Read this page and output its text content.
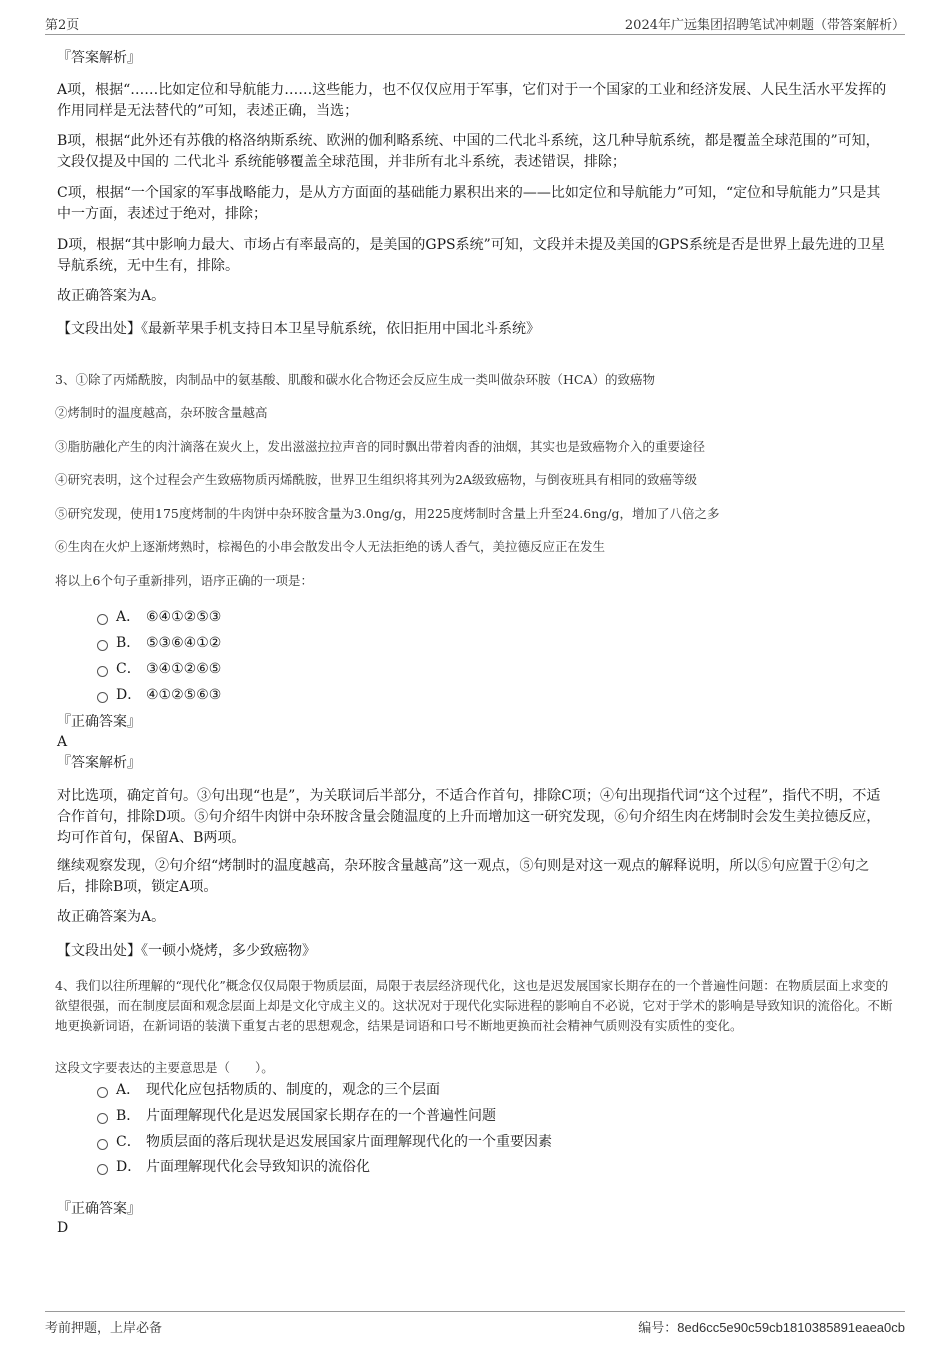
第2页	2024年广远集团招聘笔试冲刺题（带答案解析）
『答案解析』

A项，根据“……比如定位和导航能力……这些能力，也不仅仅应用于军事，它们对于一个国家的工业和经济发展、人民生活水平发挥的作用同样是无法替代的”可知，表述正确，当选；

B项，根据“此外还有苏俄的格洛纳斯系统、欧洲的伽利略系统、中国的二代北斗系统，这几种导航系统，都是覆盖全球范围的”可知，文段仅提及中国的 二代北斗 系统能够覆盖全球范围，并非所有北斗系统，表述错误，排除；

C项，根据“一个国家的军事战略能力，是从方方面面的基础能力累积出来的——比如定位和导航能力”可知，“定位和导航能力”只是其中一方面，表述过于绝对，排除；

D项，根据“其中影响力最大、市场占有率最高的，是美国的GPS系统”可知，文段并未提及美国的GPS系统是否是世界上最先进的卫星导航系统，无中生有，排除。

故正确答案为A。

【文段出处】《最新苹果手机支持日本卫星导航系统，依旧拒用中国北斗系统》

3、①除了丙烯酰胺，肉制品中的氨基酸、肌酸和碳水化合物还会反应生成一类叫做杂环胺（HCA）的致癌物

②烤制时的温度越高，杂环胺含量越高

③脂肪融化产生的肉汁滴落在炭火上，发出滋滋拉拉声音的同时飘出带着肉香的油烟，其实也是致癌物介入的重要途径

④研究表明，这个过程会产生致癌物质丙烯酰胺，世界卫生组织将其列为2A级致癌物，与倒夜班具有相同的致癌等级

⑤研究发现，使用175度烤制的牛肉饼中杂环胺含量为3.0ng/g，用225度烤制时含量上升至24.6ng/g，增加了八倍之多

⑥生肉在火炉上逐渐烤熟时，棕褐色的小串会散发出令人无法拒绝的诱人香气，美拉德反应正在发生

将以上6个句子重新排列，语序正确的一项是：

A． ⑥④①②⑤③
B． ⑤③⑥④①②
C． ③④①②⑥⑤
D． ④①②⑤⑥③
『正确答案』
A
『答案解析』

对比选项，确定首句。③句出现“也是”，为关联词后半部分，不适合作首句，排除C项；④句出现指代词“这个过程”，指代不明，不适合作首句，排除D项。⑤句介绍牛肉饼中杂环胺含量会随温度的上升而增加这一研究发现，⑥句介绍生肉在烤制时会发生美拉德反应，均可作首句，保留A、B两项。

继续观察发现，②句介绍“烤制时的温度越高，杂环胺含量越高”这一观点，⑤句则是对这一观点的解释说明，所以⑤句应置于②句之后，排除B项，锁定A项。

故正确答案为A。

【文段出处】《一顿小烧烤，多少致癌物》

4、我们以往所理解的“现代化”概念仅仅局限于物质层面，局限于表层经济现代化，这也是迟发展国家长期存在的一个普遍性问题：在物质层面上求变的欲望很强，而在制度层面和观念层面上却是文化守成主义的。这状况对于现代化实际进程的影响自不必说，它对于学术的影响是导致知识的流俗化。不断地更换新词语，在新词语的装潢下重复古老的思想观念，结果是词语和口号不断地更换而社会精神气质则没有实质性的变化。

这段文字要表达的主要意思是（　　）。

A． 现代化应包括物质的、制度的，观念的三个层面
B． 片面理解现代化是迟发展国家长期存在的一个普遍性问题
C． 物质层面的落后现状是迟发展国家片面理解现代化的一个重要因素
D． 片面理解现代化会导致知识的流俗化
『正确答案』
D
考前押题，上岸必备	编号：8ed6cc5e90c59cb1810385891eaea0cb
